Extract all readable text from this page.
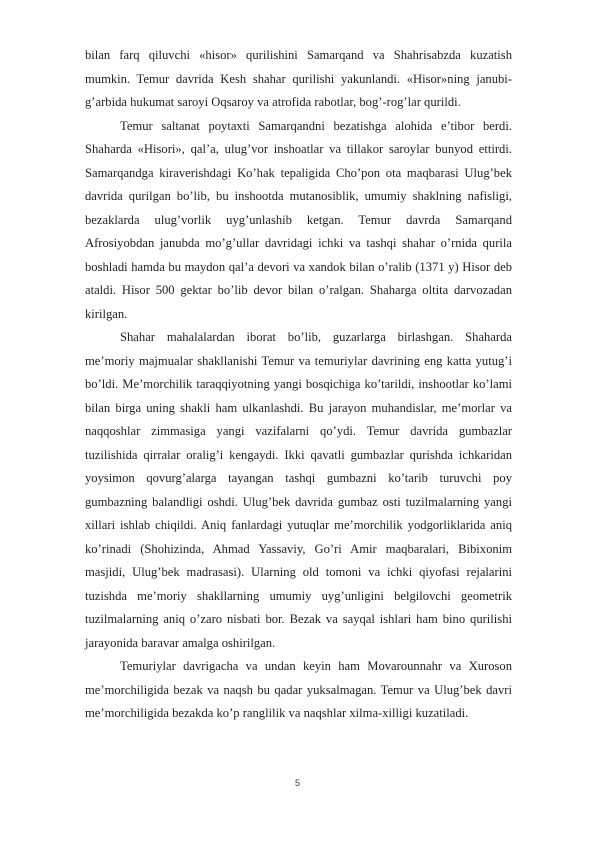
bilan farq qiluvchi «hisor» qurilishini Samarqand va Shahrisabzda kuzatish mumkin. Temur davrida Kesh shahar qurilishi yakunlandi. «Hisor»ning janubi-g’arbida hukumat saroyi Oqsaroy va atrofida rabotlar, bog’-rog’lar qurildi.

Temur saltanat poytaxti Samarqandni bezatishga alohida e’tibor berdi. Shaharda «Hisori», qal’a, ulug’vor inshoatlar va tillakor saroylar bunyod ettirdi. Samarqandga kiraverishdagi Ko’hak tepaligida Cho’pon ota maqbarasi Ulug’bek davrida qurilgan bo’lib, bu inshootda mutanosiblik, umumiy shaklning nafisligi, bezaklarda ulug’vorlik uyg’unlashib ketgan. Temur davrda Samarqand Afrosiyobdan janubda mo’g’ullar davridagi ichki va tashqi shahar o’rnida qurila boshladi hamda bu maydon qal’a devori va xandok bilan o’ralib (1371 y) Hisor deb ataldi. Hisor 500 gektar bo’lib devor bilan o’ralgan. Shaharga oltita darvozadan kirilgan.

Shahar mahalalardan iborat bo’lib, guzarlarga birlashgan. Shaharda me’moriy majmualar shakllanishi Temur va temuriylar davrining eng katta yutug’i bo’ldi. Me’morchilik taraqqiyotning yangi bosqichiga ko’tarildi, inshootlar ko’lami bilan birga uning shakli ham ulkanlashdi. Bu jarayon muhandislar, me’morlar va naqqoshlar zimmasiga yangi vazifalarni qo’ydi. Temur davrida gumbazlar tuzilishida qirralar oralig’i kengaydi. Ikki qavatli gumbazlar qurishda ichkaridan yoysimon qovurg’alarga tayangan tashqi gumbazni ko’tarib turuvchi poy gumbazning balandligi oshdi. Ulug’bek davrida gumbaz osti tuzilmalarning yangi xillari ishlab chiqildi. Aniq fanlardagi yutuqlar me’morchilik yodgorliklarida aniq ko’rinadi (Shohizinda, Ahmad Yassaviy, Go’ri Amir maqbaralari, Bibixonim masjidi, Ulug’bek madrasasi). Ularning old tomoni va ichki qiyofasi rejalarini tuzishda me’moriy shakllarning umumiy uyg’unligini belgilovchi geometrik tuzilmalarning aniq o’zaro nisbati bor. Bezak va sayqal ishlari ham bino qurilishi jarayonida baravar amalga oshirilgan.

Temuriylar davrigacha va undan keyin ham Movarounnahr va Xuroson me’morchiligida bezak va naqsh bu qadar yuksalmagan. Temur va Ulug’bek davri me’morchiligida bezakda ko’p ranglilik va naqshlar xilma-xilligi kuzatiladi.

5
